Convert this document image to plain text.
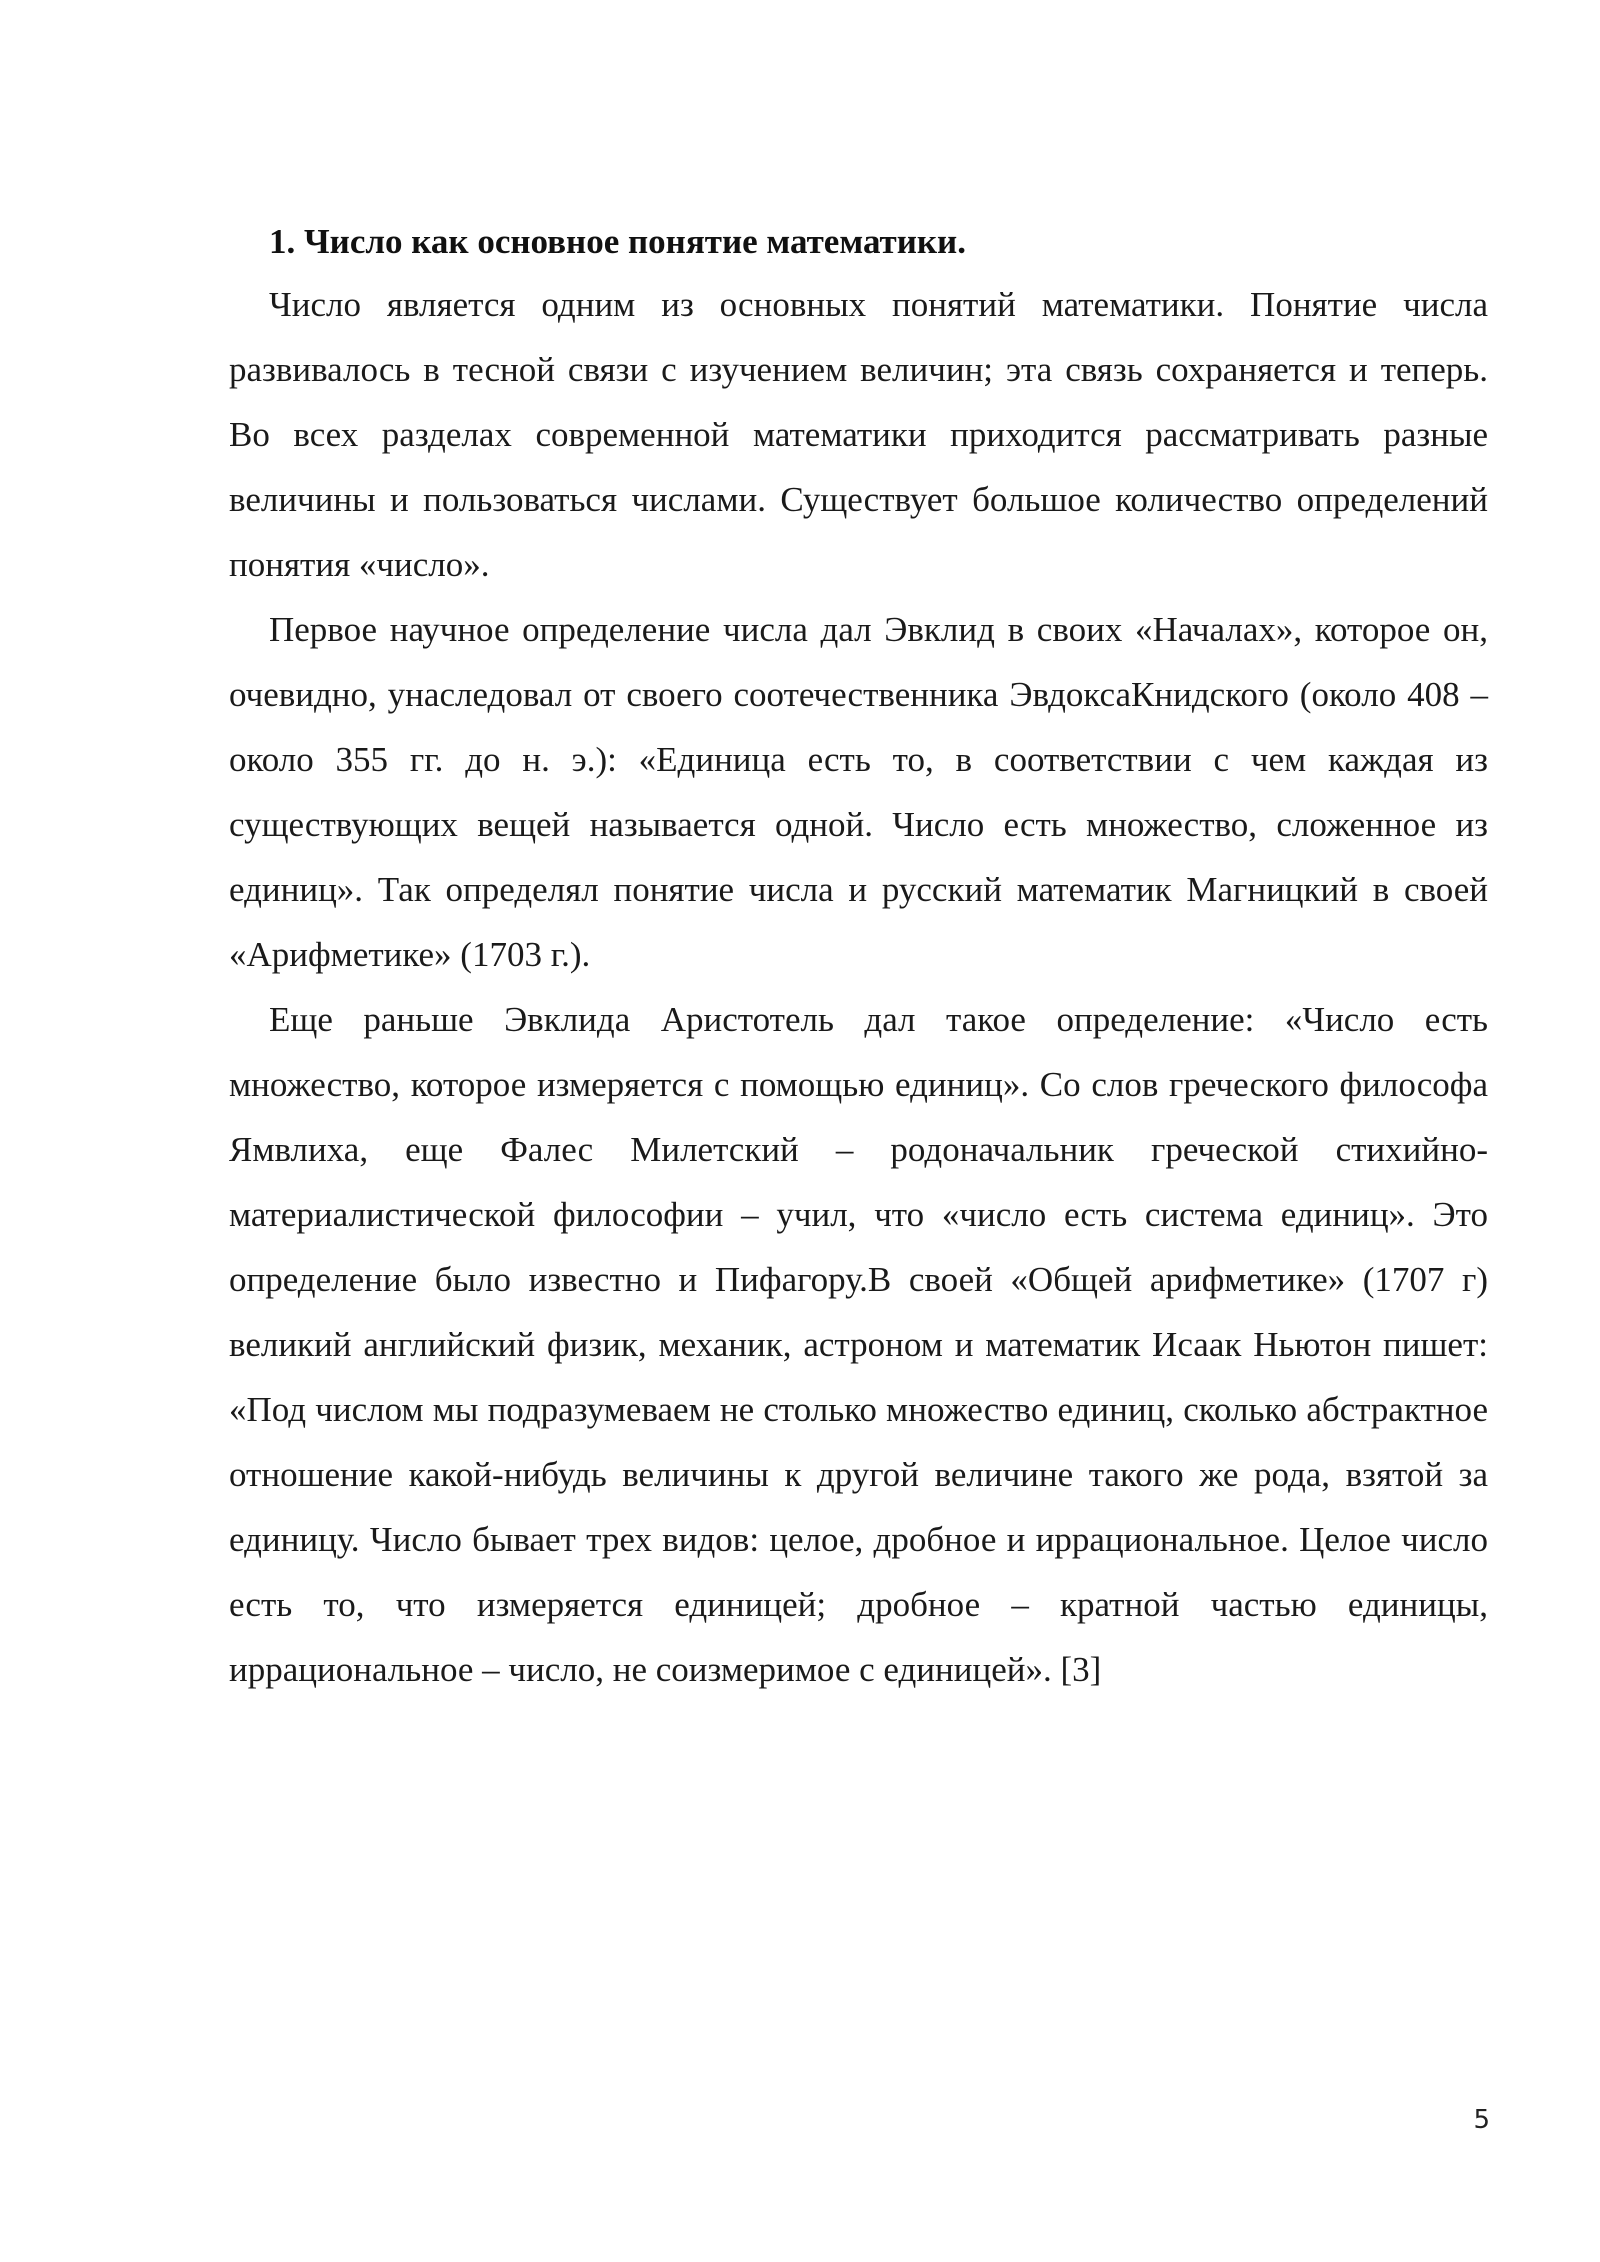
1. Число как основное понятие математики.

Число является одним из основных понятий математики. Понятие числа развивалось в тесной связи с изучением величин; эта связь сохраняется и теперь. Во всех разделах современной математики приходится рассматривать разные величины и пользоваться числами. Существует большое количество определений понятия «число».

Первое научное определение числа дал Эвклид в своих «Началах», которое он, очевидно, унаследовал от своего соотечественника ЭвдоксаКнидского (около 408 – около 355 гг. до н. э.): «Единица есть то, в соответствии с чем каждая из существующих вещей называется одной. Число есть множество, сложенное из единиц». Так определял понятие числа и русский математик Магницкий в своей «Арифметике» (1703 г.).

Еще раньше Эвклида Аристотель дал такое определение: «Число есть множество, которое измеряется с помощью единиц». Со слов греческого философа Ямвлиха, еще Фалес Милетский – родоначальник греческой стихийно-материалистической философии – учил, что «число есть система единиц». Это определение было известно и Пифагору.В своей «Общей арифметике» (1707 г) великий английский физик, механик, астроном и математик Исаак Ньютон пишет: «Под числом мы подразумеваем не столько множество единиц, сколько абстрактное отношение какой-нибудь величины к другой величине такого же рода, взятой за единицу. Число бывает трех видов: целое, дробное и иррациональное. Целое число есть то, что измеряется единицей; дробное – кратной частью единицы, иррациональное – число, не соизмеримое с единицей». [3]

5
